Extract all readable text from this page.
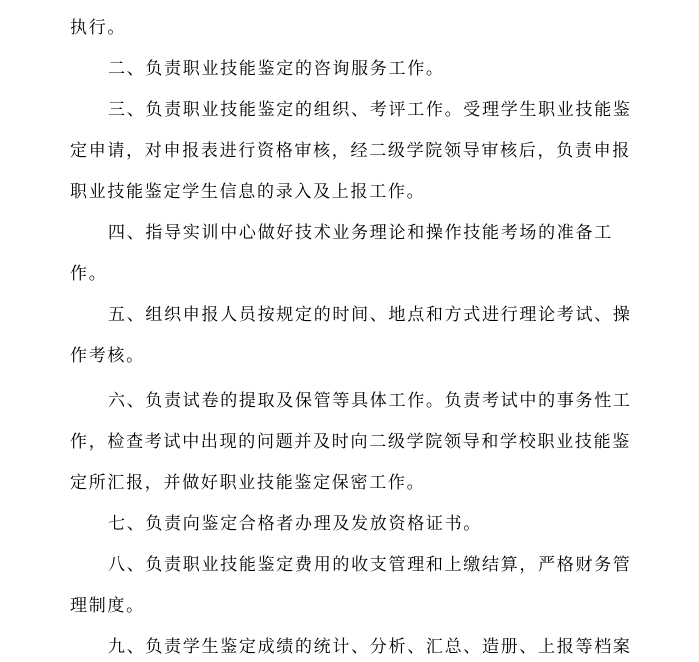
执行。
二、负责职业技能鉴定的咨询服务工作。
三、负责职业技能鉴定的组织、考评工作。受理学生职业技能鉴
定申请，对申报表进行资格审核，经二级学院领导审核后，负责申报
职业技能鉴定学生信息的录入及上报工作。
四、指导实训中心做好技术业务理论和操作技能考场的准备工
作。
五、组织申报人员按规定的时间、地点和方式进行理论考试、操
作考核。
六、负责试卷的提取及保管等具体工作。负责考试中的事务性工
作，检查考试中出现的问题并及时向二级学院领导和学校职业技能鉴
定所汇报，并做好职业技能鉴定保密工作。
七、负责向鉴定合格者办理及发放资格证书。
八、负责职业技能鉴定费用的收支管理和上缴结算，严格财务管
理制度。
九、负责学生鉴定成绩的统计、分析、汇总、造册、上报等档案
